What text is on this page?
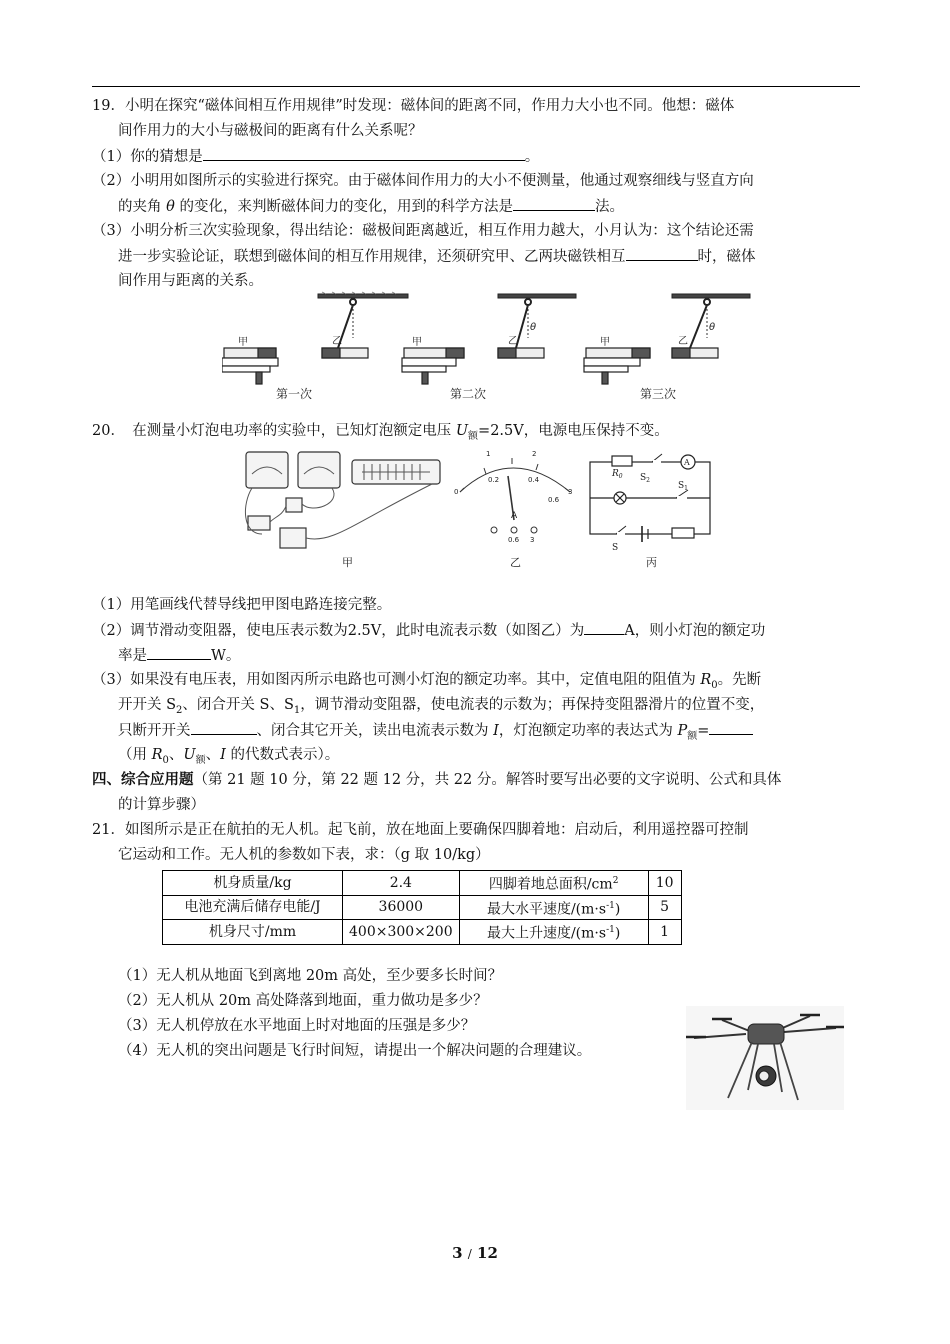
19．小明在探究“磁体间相互作用规律”时发现：磁体间的距离不同，作用力大小也不同。他想：磁体
间作用力的大小与磁极间的距离有什么关系呢？
（1）你的猜想是	。
（2）小明用如图所示的实验进行探究。由于磁体间作用力的大小不便测量，他通过观察细线与竖直方向
的夹角 θ 的变化，来判断磁体间力的变化，用到的科学方法是	法。
（3）小明分析三次实验现象，得出结论：磁极间距离越近，相互作用力越大，小月认为：这个结论还需
进一步实验论证，联想到磁体间的相互作用规律，还须研究甲、乙两块磁铁相互	时，磁体
间作用与距离的关系。
甲	乙	甲	乙	甲	乙
θ	θ
第一次	第二次	第三次
20．　在测量小灯泡电功率的实验中，已知灯泡额定电压 $U_额=2.5V$，电源电压保持不变。
甲
1	2
0.2	0.4
0	3
0.6
A
0.6 3
乙
$R_0$ $S_2$
$S_1$
S
A
丙
（1）用笔画线代替导线把甲图电路连接完整。
（2）调节滑动变阻器，使电压表示数为2.5V，此时电流表示数（如图乙）为	A，则小灯泡的额定功
率是	W。
（3）如果没有电压表，用如图丙所示电路也可测小灯泡的额定功率。其中，定值电阻的阻值为 $R_0$。先断
开开关 $S_2$、闭合开关 S、$S_1$，调节滑动变阻器，使电流表的示数为；再保持变阻器滑片的位置不变，
只断开开关	、闭合其它开关，读出电流表示数为 I，灯泡额定功率的表达式为 $P_额=$
（用 $R_0$、$U_额$、I 的代数式表示）。
四、综合应用题（第 21 题 10 分，第 22 题 12 分，共 22 分。解答时要写出必要的文字说明、公式和具体
的计算步骤）
21．如图所示是正在航拍的无人机。起飞前，放在地面上要确保四脚着地：启动后，利用遥控器可控制
它运动和工作。无人机的参数如下表，求：（g 取 10/kg）
机身质量/kg	2.4	四脚着地总面积$/cm^2$	10
电池充满后储存电能/J	36000	最大水平速度$/(m\cdot s^{-1})$	5
机身尺寸/mm	400×300×200	最大上升速度$/(m\cdot s^{-1})$	1
（1）无人机从地面飞到离地 20m 高处，至少要多长时间？
（2）无人机从 20m 高处降落到地面，重力做功是多少？
（3）无人机停放在水平地面上时对地面的压强是多少？
（4）无人机的突出问题是飞行时间短，请提出一个解决问题的合理建议。
3 / 12
